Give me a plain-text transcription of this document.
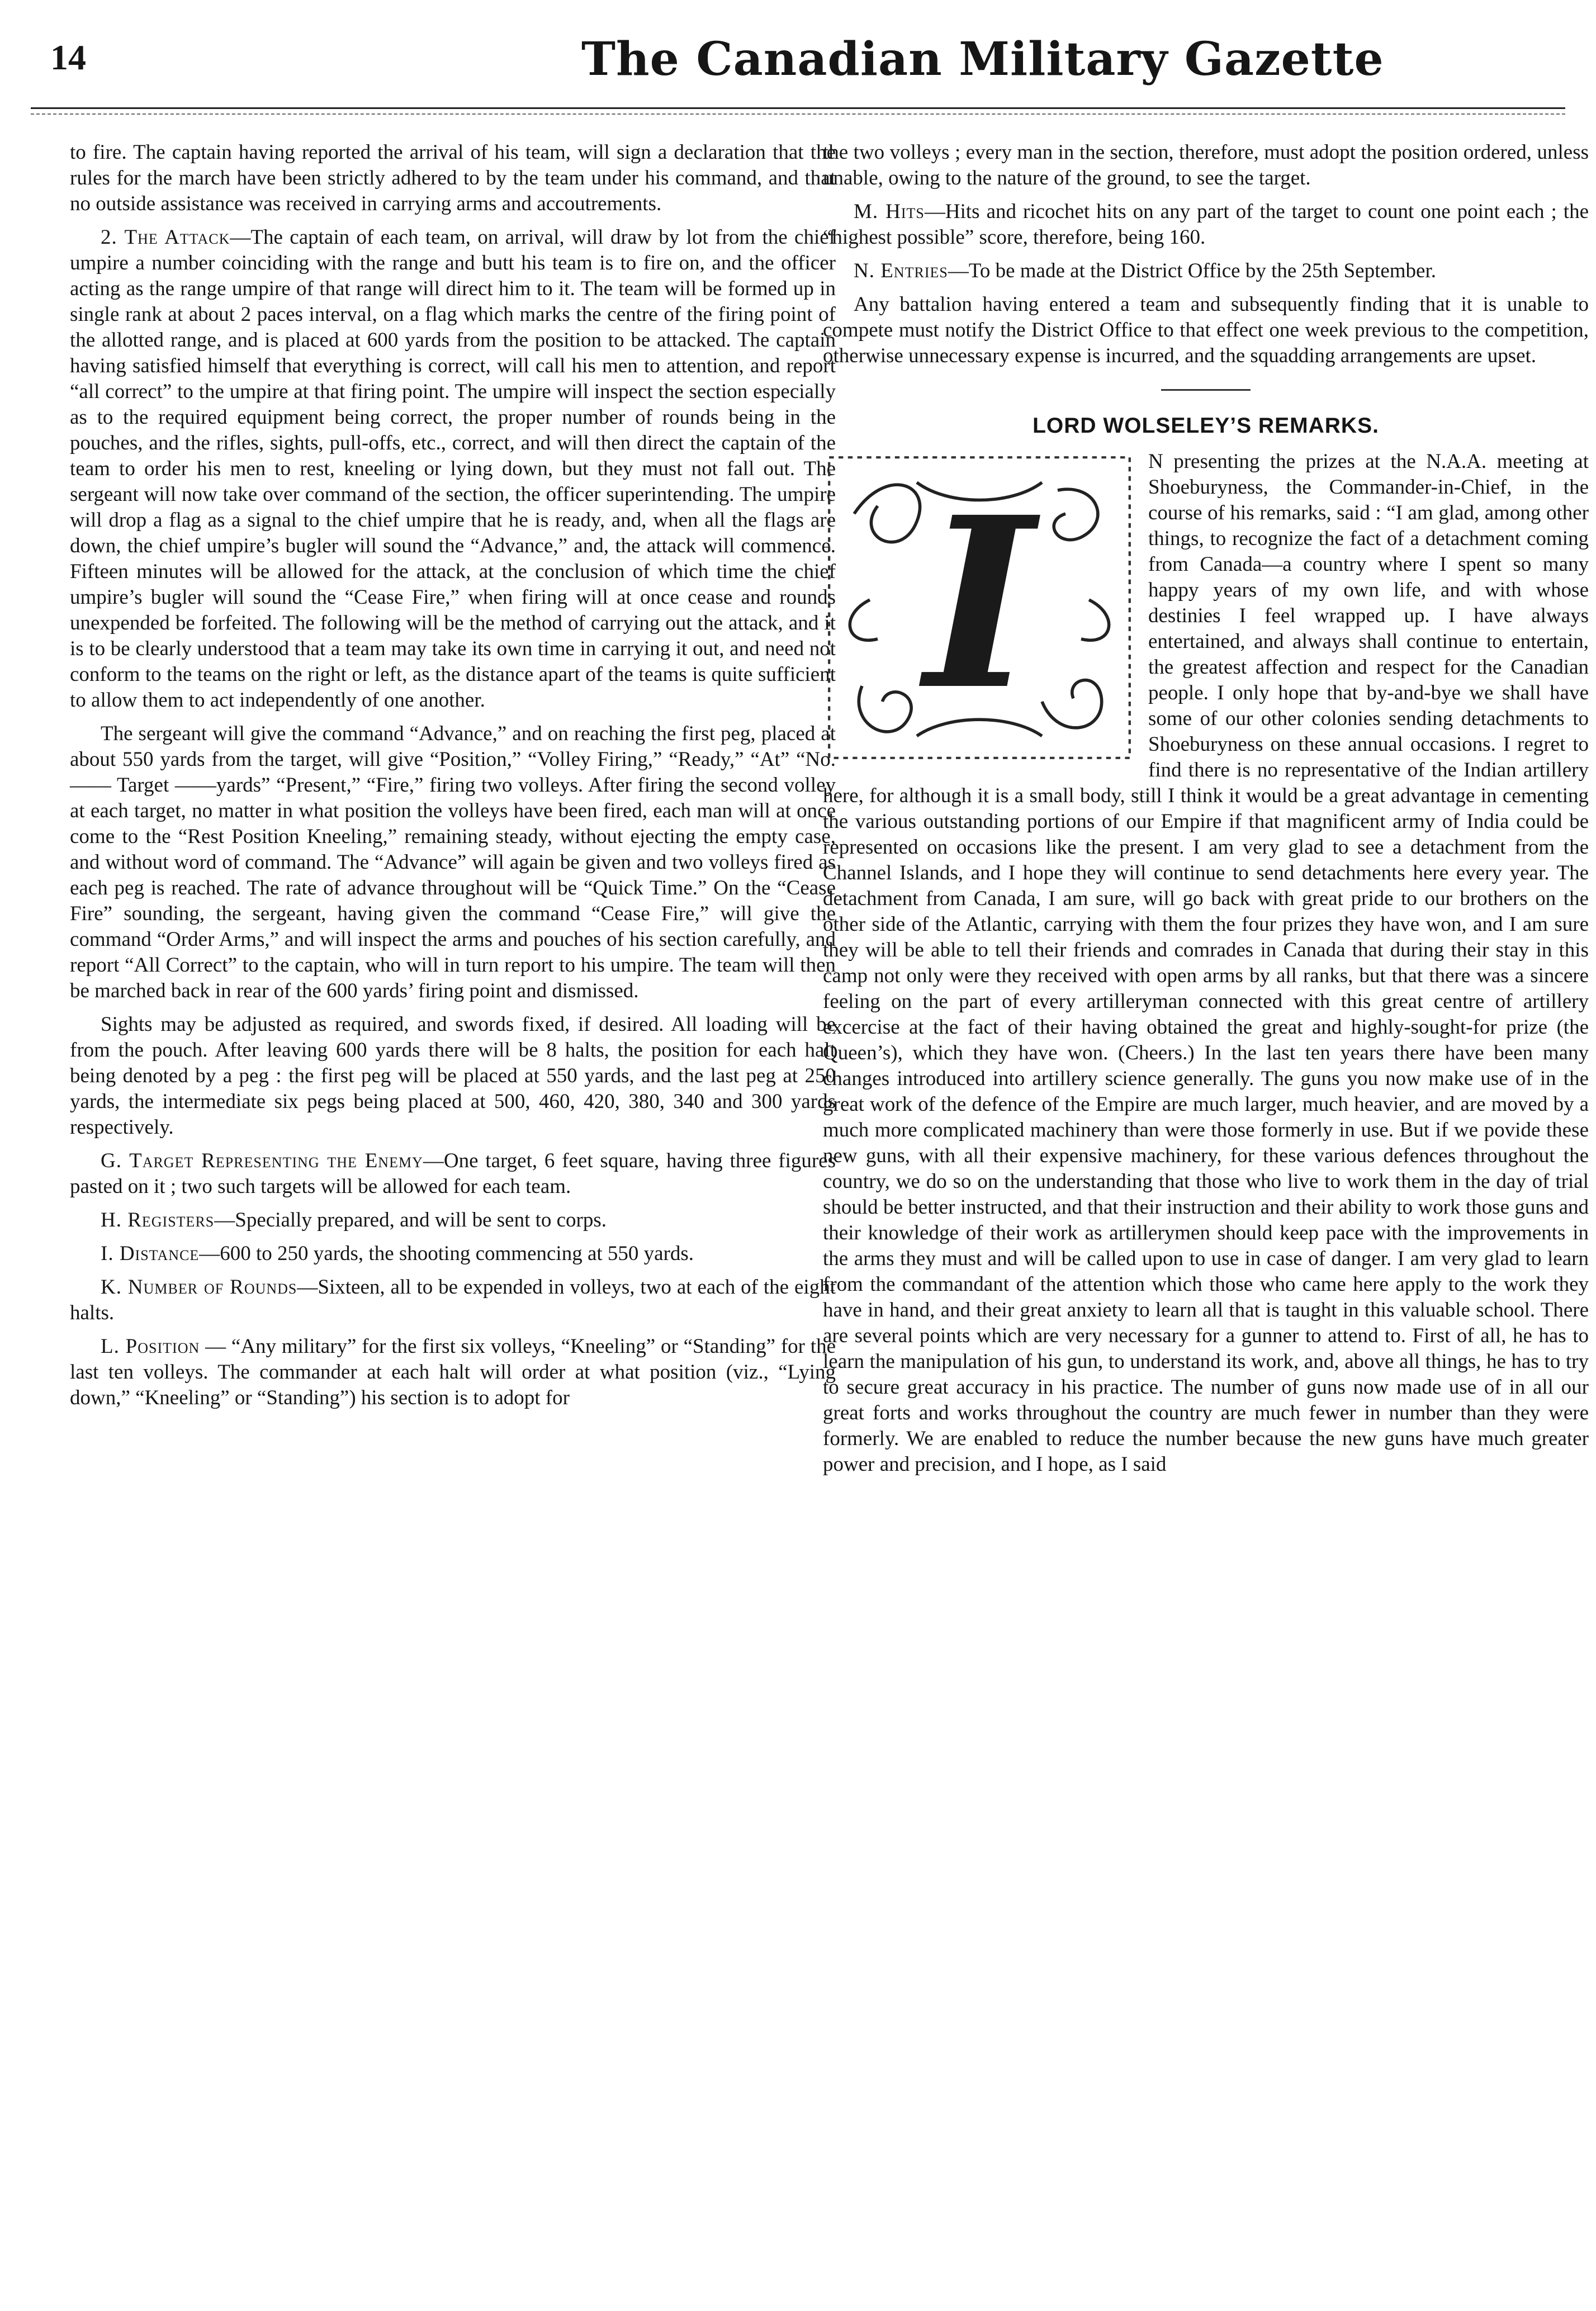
14	The Canadian Military Gazette

to fire. The captain having reported the arrival of his team, will sign a declaration that the rules for the march have been strictly adhered to by the team under his command, and that no outside assistance was received in carrying arms and accoutrements.

2. The Attack—The captain of each team, on arrival, will draw by lot from the chief umpire a number coinciding with the range and butt his team is to fire on, and the officer acting as the range umpire of that range will direct him to it. The team will be formed up in single rank at about 2 paces interval, on a flag which marks the centre of the firing point of the allotted range, and is placed at 600 yards from the position to be attacked. The captain having satisfied himself that everything is correct, will call his men to attention, and report “all correct” to the umpire at that firing point. The umpire will inspect the section especially as to the required equipment being correct, the proper number of rounds being in the pouches, and the rifles, sights, pull-offs, etc., correct, and will then direct the captain of the team to order his men to rest, kneeling or lying down, but they must not fall out. The sergeant will now take over command of the section, the officer superintending. The umpire will drop a flag as a signal to the chief umpire that he is ready, and, when all the flags are down, the chief umpire’s bugler will sound the “Advance,” and, the attack will commence. Fifteen minutes will be allowed for the attack, at the conclusion of which time the chief umpire’s bugler will sound the “Cease Fire,” when firing will at once cease and rounds unexpended be forfeited. The following will be the method of carrying out the attack, and it is to be clearly understood that a team may take its own time in carrying it out, and need not conform to the teams on the right or left, as the distance apart of the teams is quite sufficient to allow them to act independently of one another.

The sergeant will give the command “Advance,” and on reaching the first peg, placed at about 550 yards from the target, will give “Position,” “Volley Firing,” “Ready,” “At” “No. —— Target ——yards” “Present,” “Fire,” firing two volleys. After firing the second volley at each target, no matter in what position the volleys have been fired, each man will at once come to the “Rest Position Kneeling,” remaining steady, without ejecting the empty case, and without word of command. The “Advance” will again be given and two volleys fired as each peg is reached. The rate of advance throughout will be “Quick Time.” On the “Cease Fire” sounding, the sergeant, having given the command “Cease Fire,” will give the command “Order Arms,” and will inspect the arms and pouches of his section carefully, and report “All Correct” to the captain, who will in turn report to his umpire. The team will then be marched back in rear of the 600 yards’ firing point and dismissed.

Sights may be adjusted as required, and swords fixed, if desired. All loading will be from the pouch. After leaving 600 yards there will be 8 halts, the position for each halt being denoted by a peg : the first peg will be placed at 550 yards, and the last peg at 250 yards, the intermediate six pegs being placed at 500, 460, 420, 380, 340 and 300 yards respectively.

G. Target Representing the Enemy—One target, 6 feet square, having three figures pasted on it ; two such targets will be allowed for each team.

H. Registers—Specially prepared, and will be sent to corps.

I. Distance—600 to 250 yards, the shooting commencing at 550 yards.

K. Number of Rounds—Sixteen, all to be expended in volleys, two at each of the eight halts.

L. Position — “Any military” for the first six volleys, “Kneeling” or “Standing” for the last ten volleys. The commander at each halt will order at what position (viz., “Lying down,” “Kneeling” or “Standing”) his section is to adopt for

the two volleys ; every man in the section, therefore, must adopt the position ordered, unless unable, owing to the nature of the ground, to see the target.

M. Hits—Hits and ricochet hits on any part of the target to count one point each ; the “highest possible” score, therefore, being 160.

N. Entries—To be made at the District Office by the 25th September.

Any battalion having entered a team and subsequently finding that it is unable to compete must notify the District Office to that effect one week previous to the competition, otherwise unnecessary expense is incurred, and the squadding arrangements are upset.

LORD WOLSELEY’S REMARKS.

I
N presenting the prizes at the N.A.A. meeting at Shoeburyness, the Commander-in-Chief, in the course of his remarks, said : “I am glad, among other things, to recognize the fact of a detachment coming from Canada—a country where I spent so many happy years of my own life, and with whose destinies I feel wrapped up. I have always entertained, and always shall continue to entertain, the greatest affection and respect for the Canadian people. I only hope that by-and-bye we shall have some of our other colonies sending detachments to Shoeburyness on these annual occasions. I regret to find there is no representative of the Indian artillery here, for although it is a small body, still I think it would be a great advantage in cementing the various outstanding portions of our Empire if that magnificent army of India could be represented on occasions like the present. I am very glad to see a detachment from the Channel Islands, and I hope they will continue to send detachments here every year. The detachment from Canada, I am sure, will go back with great pride to our brothers on the other side of the Atlantic, carrying with them the four prizes they have won, and I am sure they will be able to tell their friends and comrades in Canada that during their stay in this camp not only were they received with open arms by all ranks, but that there was a sincere feeling on the part of every artilleryman connected with this great centre of artillery excercise at the fact of their having obtained the great and highly-sought-for prize (the Queen’s), which they have won. (Cheers.) In the last ten years there have been many changes introduced into artillery science generally. The guns you now make use of in the great work of the defence of the Empire are much larger, much heavier, and are moved by a much more complicated machinery than were those formerly in use. But if we povide these new guns, with all their expensive machinery, for these various defences throughout the country, we do so on the understanding that those who live to work them in the day of trial should be better instructed, and that their instruction and their ability to work those guns and their knowledge of their work as artillerymen should keep pace with the improvements in the arms they must and will be called upon to use in case of danger. I am very glad to learn from the commandant of the attention which those who came here apply to the work they have in hand, and their great anxiety to learn all that is taught in this valuable school. There are several points which are very necessary for a gunner to attend to. First of all, he has to learn the manipulation of his gun, to understand its work, and, above all things, he has to try to secure great accuracy in his practice. The number of guns now made use of in all our great forts and works throughout the country are much fewer in number than they were formerly. We are enabled to reduce the number because the new guns have much greater power and precision, and I hope, as I said
